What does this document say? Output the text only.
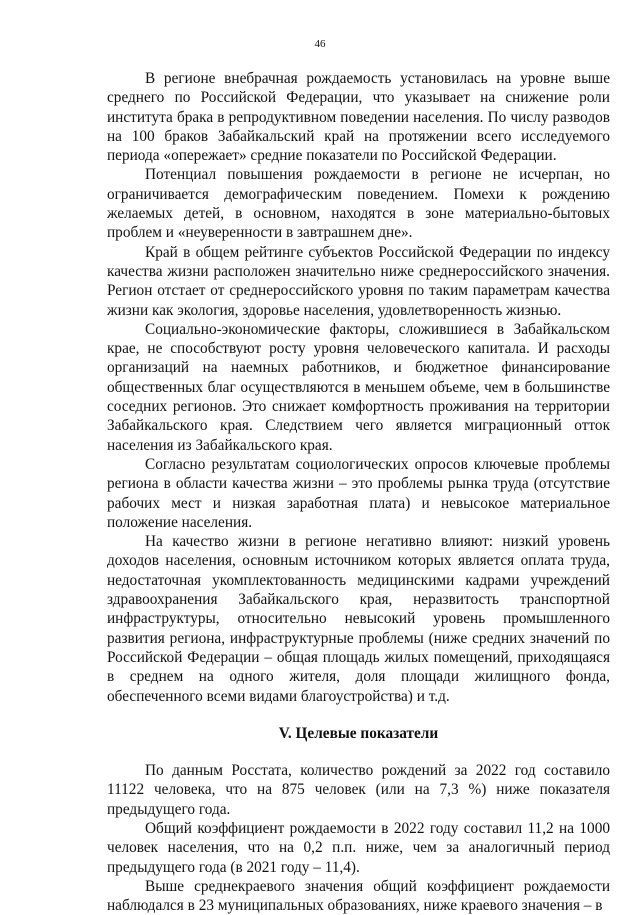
46

В регионе внебрачная рождаемость установилась на уровне выше среднего по Российской Федерации, что указывает на снижение роли института брака в репродуктивном поведении населения. По числу разводов на 100 браков Забайкальский край на протяжении всего исследуемого периода «опережает» средние показатели по Российской Федерации.

Потенциал повышения рождаемости в регионе не исчерпан, но ограничивается демографическим поведением. Помехи к рождению желаемых детей, в основном, находятся в зоне материально-бытовых проблем и «неуверенности в завтрашнем дне».

Край в общем рейтинге субъектов Российской Федерации по индексу качества жизни расположен значительно ниже среднероссийского значения. Регион отстает от среднероссийского уровня по таким параметрам качества жизни как экология, здоровье населения, удовлетворенность жизнью.

Социально-экономические факторы, сложившиеся в Забайкальском крае, не способствуют росту уровня человеческого капитала. И расходы организаций на наемных работников, и бюджетное финансирование общественных благ осуществляются в меньшем объеме, чем в большинстве соседних регионов. Это снижает комфортность проживания на территории Забайкальского края. Следствием чего является миграционный отток населения из Забайкальского края.

Согласно результатам социологических опросов ключевые проблемы региона в области качества жизни – это проблемы рынка труда (отсутствие рабочих мест и низкая заработная плата) и невысокое материальное положение населения.

На качество жизни в регионе негативно влияют: низкий уровень доходов населения, основным источником которых является оплата труда, недостаточная укомплектованность медицинскими кадрами учреждений здравоохранения Забайкальского края, неразвитость транспортной инфраструктуры, относительно невысокий уровень промышленного развития региона, инфраструктурные проблемы (ниже средних значений по Российской Федерации – общая площадь жилых помещений, приходящаяся в среднем на одного жителя, доля площади жилищного фонда, обеспеченного всеми видами благоустройства) и т.д.

V. Целевые показатели

По данным Росстата, количество рождений за 2022 год составило 11122 человека, что на 875 человек (или на 7,3 %) ниже показателя предыдущего года.

Общий коэффициент рождаемости в 2022 году составил 11,2 на 1000 человек населения, что на 0,2 п.п. ниже, чем за аналогичный период предыдущего года (в 2021 году – 11,4).

Выше среднекраевого значения общий коэффициент рождаемости наблюдался в 23 муниципальных образованиях, ниже краевого значения – в
